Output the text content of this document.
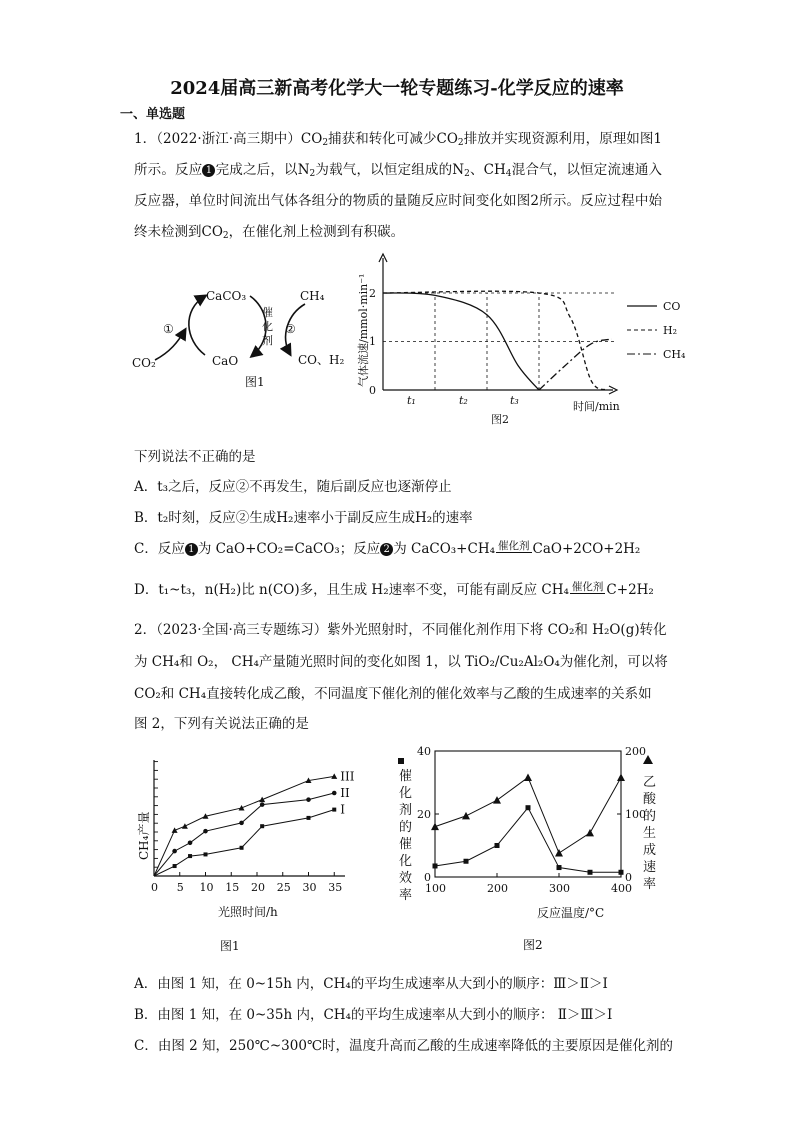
2024届高三新高考化学大一轮专题练习-化学反应的速率
一、单选题
1．（2022·浙江·高三期中）$CO_2$捕获和转化可减少$CO_2$排放并实现资源利用，原理如图1所示。反应 1 完成之后，以$N_2$为载气，以恒定组成的$N_2$、$CH_4$混合气，以恒定流速通入反应器，单位时间流出气体各组分的物质的量随反应时间变化如图2所示。反应过程中始终未检测到$CO_2$，在催化剂上检测到有积碳。
CaCO₃
CaO
CO₂
CH₄
CO、H₂
①	②
催
化
剂
图1	气体流速/mmol·min⁻¹
时间/min
0
1
2
t₁	t₂	t₃
图2
CO
H₂
CH₄
下列说法不正确的是
A．t₃之后，反应②不再发生，随后副反应也逐渐停止
B．t₂时刻，反应②生成H₂速率小于副反应生成H₂的速率
C．反应 1 为 CaO+CO₂=CaCO₃；反应 2 为 CaCO₃+CH₄ 催化剂 CaO+2CO+2H₂
D．t₁~t₃，n(H₂)比 n(CO)多，且生成 H₂速率不变，可能有副反应 CH₄ 催化剂 C+2H₂
2．（2023·全国·高三专题练习）紫外光照射时，不同催化剂作用下将 CO₂和 H₂O(g)转化
为 CH₄和 O₂， CH₄产量随光照时间的变化如图 1，以 TiO₂/Cu₂Al₂O₄为催化剂，可以将
CO₂和 CH₄直接转化成乙酸，不同温度下催化剂的催化效率与乙酸的生成速率的关系如
图 2，下列有关说法正确的是
CH₄产量
光照时间/h
图1
0 5 10 15 20 25 30 35
III
II
I
反应温度/°C
图2
100	200	300	400
0
20
40
0
100
200
催
化
剂
的
催
化
效
率
乙
酸
的
生
成
速
率
A．由图 1 知，在 0~15h 内，CH₄的平均生成速率从大到小的顺序：Ⅲ＞Ⅱ＞Ⅰ
B．由图 1 知，在 0~35h 内，CH₄的平均生成速率从大到小的顺序： Ⅱ＞Ⅲ＞Ⅰ
C．由图 2 知，250℃~300℃时，温度升高而乙酸的生成速率降低的主要原因是催化剂的
